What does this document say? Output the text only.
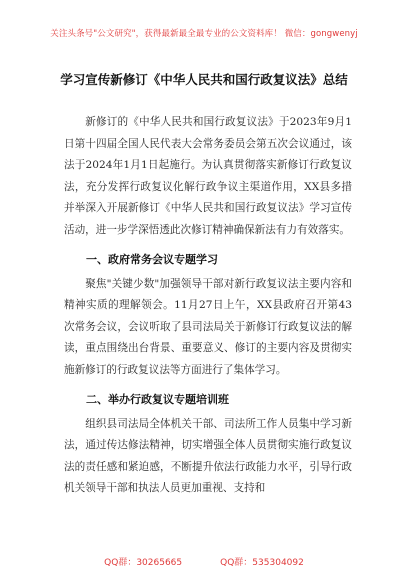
关注头条号"公文研究"，获得最新最全最专业的公文资料库！ 微信：gongwenyj
学习宣传新修订《中华人民共和国行政复议法》总结

新修订的《中华人民共和国行政复议法》于2023年9月1日第十四届全国人民代表大会常务委员会第五次会议通过，该法于2024年1月1日起施行。为认真贯彻落实新修订行政复议法，充分发挥行政复议化解行政争议主渠道作用，XX县多措并举深入开展新修订《中华人民共和国行政复议法》学习宣传活动，进一步学深悟透此次修订精神确保新法有力有效落实。

一、政府常务会议专题学习

聚焦"关键少数"加强领导干部对新行政复议法主要内容和精神实质的理解领会。11月27日上午，XX县政府召开第43次常务会议，会议听取了县司法局关于新修订行政复议法的解读，重点围绕出台背景、重要意义、修订的主要内容及贯彻实施新修订的行政复议法等方面进行了集体学习。

二、举办行政复议专题培训班

组织县司法局全体机关干部、司法所工作人员集中学习新法，通过传达修法精神，切实增强全体人员贯彻实施行政复议法的责任感和紧迫感，不断提升依法行政能力水平，引导行政机关领导干部和执法人员更加重视、支持和

QQ群：30265665	QQ群：535304092
